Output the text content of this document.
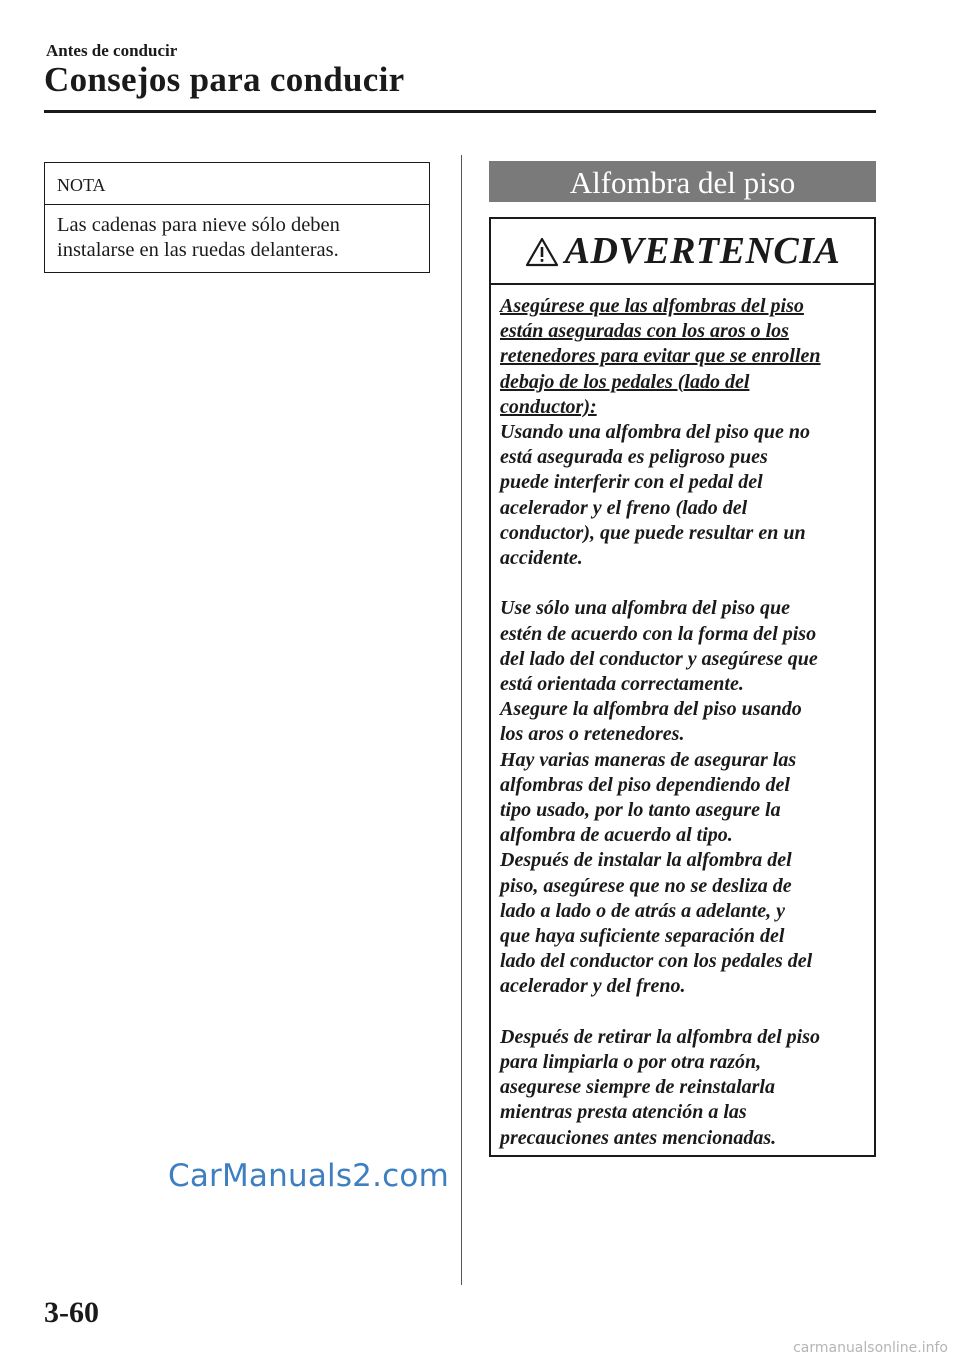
Antes de conducir
Consejos para conducir
NOTA
Las cadenas para nieve sólo deben
instalarse en las ruedas delanteras.
Alfombra del piso
ADVERTENCIA
Asegúrese que las alfombras del piso
están aseguradas con los aros o los
retenedores para evitar que se enrollen
debajo de los pedales (lado del
conductor):
Usando una alfombra del piso que no
está asegurada es peligroso pues
puede interferir con el pedal del
acelerador y el freno (lado del
conductor), que puede resultar en un
accidente.
Use sólo una alfombra del piso que
estén de acuerdo con la forma del piso
del lado del conductor y asegúrese que
está orientada correctamente.
Asegure la alfombra del piso usando
los aros o retenedores.
Hay varias maneras de asegurar las
alfombras del piso dependiendo del
tipo usado, por lo tanto asegure la
alfombra de acuerdo al tipo.
Después de instalar la alfombra del
piso, asegúrese que no se desliza de
lado a lado o de atrás a adelante, y
que haya suficiente separación del
lado del conductor con los pedales del
acelerador y del freno.
Después de retirar la alfombra del piso
para limpiarla o por otra razón,
asegurese siempre de reinstalarla
mientras presta atención a las
precauciones antes mencionadas.
CarManuals2.com
3-60
carmanualsonline.info
